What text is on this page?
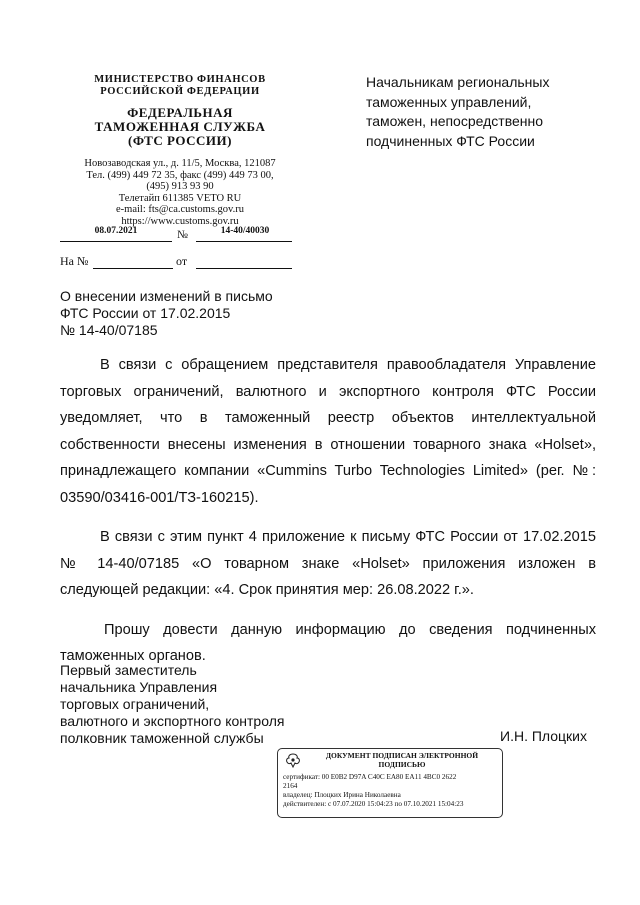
МИНИСТЕРСТВО ФИНАНСОВ
РОССИЙСКОЙ ФЕДЕРАЦИИ
ФЕДЕРАЛЬНАЯ
ТАМОЖЕННАЯ СЛУЖБА
(ФТС РОССИИ)
Новозаводская ул., д. 11/5, Москва, 121087
Тел. (499) 449 72 35, факс (499) 449 73 00,
(495) 913 93 90
Телетайп 611385 VETO RU
e-mail: fts@ca.customs.gov.ru
https://www.customs.gov.ru
08.07.2021	№	14-40/40030
На №	от
Начальникам региональных
таможенных управлений,
таможен, непосредственно
подчиненных ФТС России
О внесении изменений в письмо
ФТС России от 17.02.2015
№ 14-40/07185

В связи с обращением представителя правообладателя Управление торговых ограничений, валютного и экспортного контроля ФТС России уведомляет, что в таможенный реестр объектов интеллектуальной собственности внесены изменения в отношении товарного знака «Holset», принадлежащего компании «Cummins Turbo Technologies Limited» (рег. №: 03590/03416-001/ТЗ-160215).

В связи с этим пункт 4 приложение к письму ФТС России от 17.02.2015 № 14-40/07185 «О товарном знаке «Holset» приложения изложен в следующей редакции: «4. Срок принятия мер: 26.08.2022 г.».

Прошу довести данную информацию до сведения подчиненных таможенных органов.

Первый заместитель
начальника Управления
торговых ограничений,
валютного и экспортного контроля
полковник таможенной службы	И.Н. Плоцких
ДОКУМЕНТ ПОДПИСАН ЭЛЕКТРОННОЙ ПОДПИСЬЮ
сертификат: 00 E0B2 D97A C40C EA80 EA11 4BC0 2622
2164
владелец: Плоцких Ирина Николаевна
действителен: с 07.07.2020 15:04:23 по 07.10.2021 15:04:23
